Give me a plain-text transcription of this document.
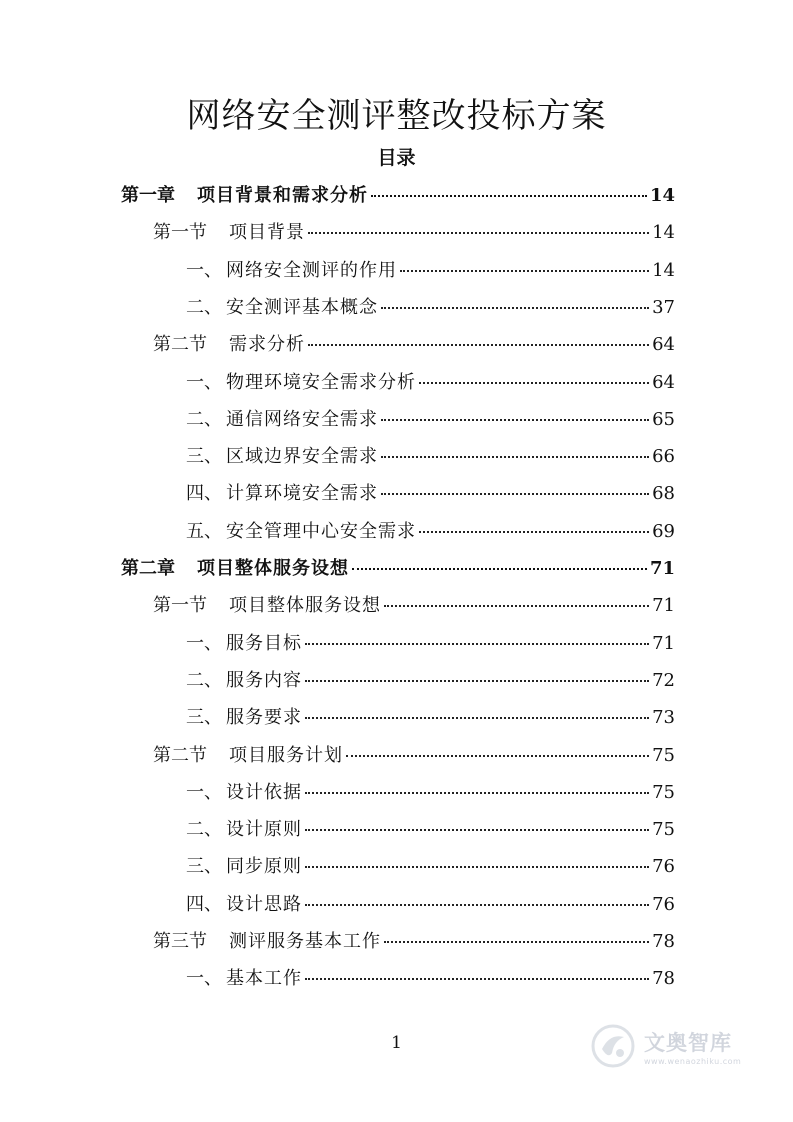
网络安全测评整改投标方案
目录
第一章	项目背景和需求分析	14
第一节	项目背景	14
一、 网络安全测评的作用	14
二、 安全测评基本概念	37
第二节	需求分析	64
一、 物理环境安全需求分析	64
二、 通信网络安全需求	65
三、 区域边界安全需求	66
四、 计算环境安全需求	68
五、 安全管理中心安全需求	69
第二章	项目整体服务设想	71
第一节	项目整体服务设想	71
一、 服务目标	71
二、 服务内容	72
三、 服务要求	73
第二节	项目服务计划	75
一、 设计依据	75
二、 设计原则	75
三、 同步原则	76
四、 设计思路	76
第三节	测评服务基本工作	78
一、 基本工作	78
1	文奥智库
www.wenaozhiku.com
